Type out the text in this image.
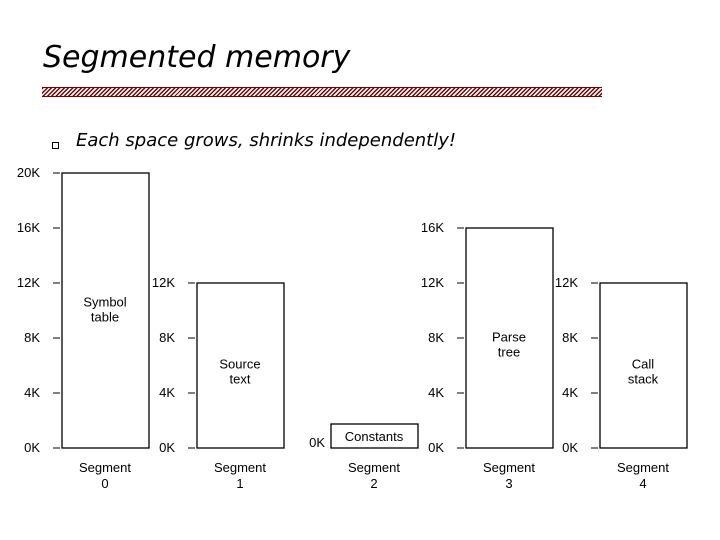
Segmented memory

Each space grows, shrinks independently!

0K
4K
8K
12K
16K
20K
Symbol
table
Segment
0
0K
4K
8K
12K
Source
text
Segment
1
0K Constants
Segment
2
0K
4K
8K
12K
16K
Parse
tree
Segment
3
0K
4K
8K
12K
Call
stack
Segment
4
